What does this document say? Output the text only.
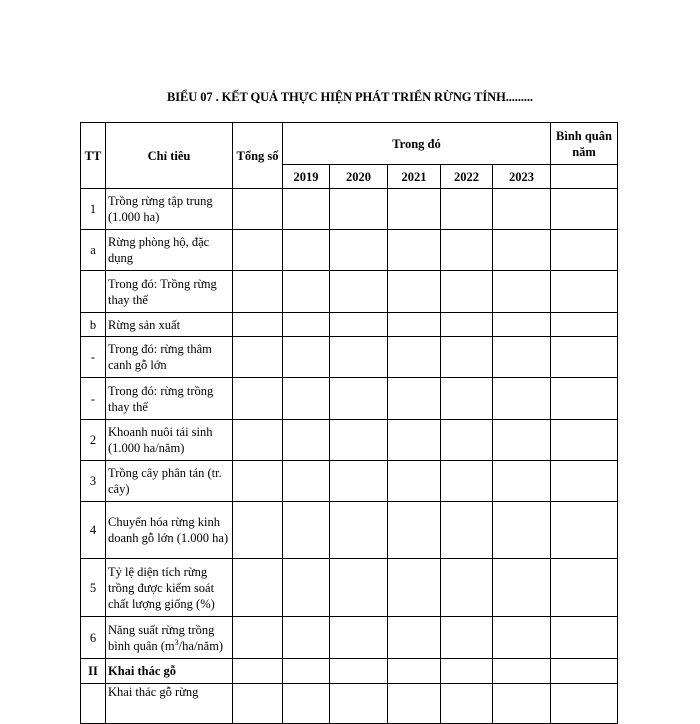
BIỂU 07 . KẾT QUẢ THỰC HIỆN PHÁT TRIỂN RỪNG TỈNH.........
TT	Chỉ tiêu	Tổng số	Trong đó					Bình quân năm
			2019	2020	2021	2022	2023	
1	Trồng rừng tập trung (1.000 ha)							
a	Rừng phòng hộ, đặc dụng							
	Trong đó: Trồng rừng thay thế							
b	Rừng sản xuất							
-	Trong đó: rừng thâm canh gỗ lớn							
-	Trong đó: rừng trồng thay thế							
2	Khoanh nuôi tái sinh (1.000 ha/năm)							
3	Trồng cây phân tán (tr. cây)							
4	Chuyển hóa rừng kinh doanh gỗ lớn (1.000 ha)							
5	Tỷ lệ diện tích rừng trồng được kiểm soát chất lượng giống (%)							
6	Năng suất rừng trồng bình quân $(m^3/ha/năm)$							
II	Khai thác gỗ							
	Khai thác gỗ rừng							
